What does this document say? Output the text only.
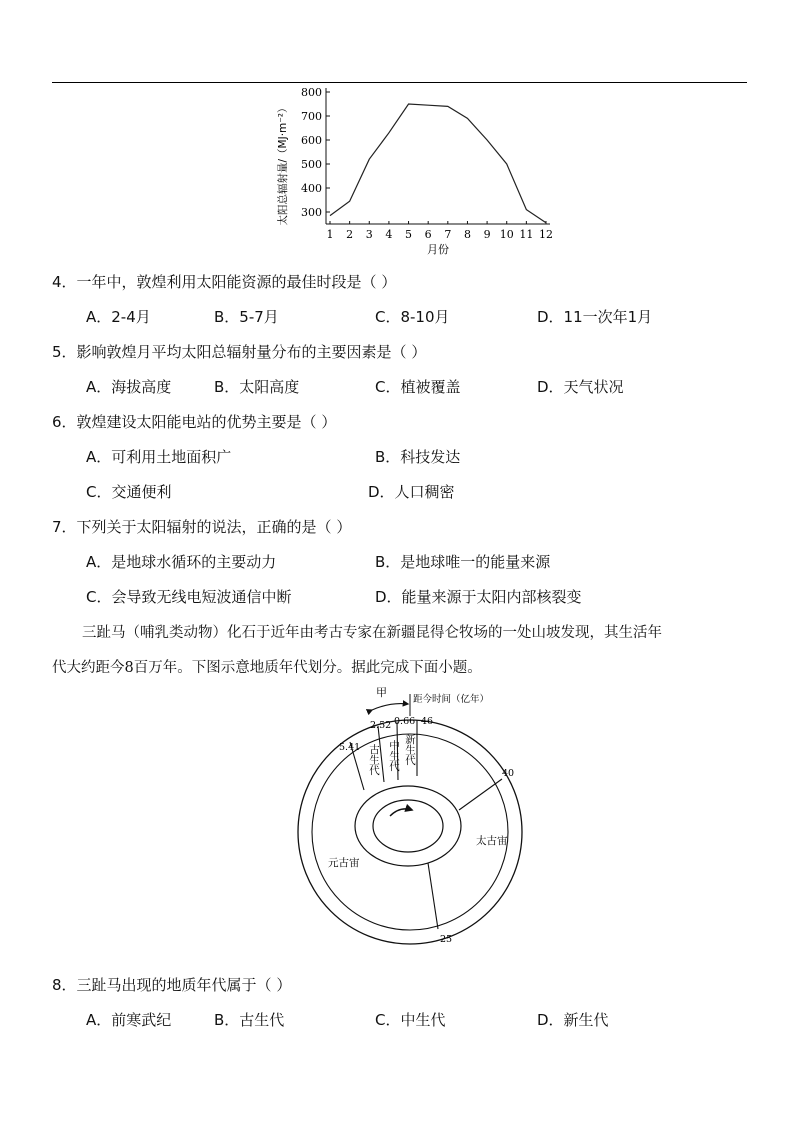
300
400
500
600
700
800
1 2 3 4 5 6 7 8 9 10 11 12
月份
太阳总辐射量/（MJ·m⁻²）
4．一年中，敦煌利用太阳能资源的最佳时段是（ ）
A．2-4月	B．5-7月	C．8-10月	D．11一次年1月
5．影响敦煌月平均太阳总辐射量分布的主要因素是（ ）
A．海拔高度	B．太阳高度	C．植被覆盖	D．天气状况
6．敦煌建设太阳能电站的优势主要是（ ）
A．可利用土地面积广	B．科技发达
C．交通便利	D．人口稠密
7．下列关于太阳辐射的说法，正确的是（ ）
A．是地球水循环的主要动力	B．是地球唯一的能量来源
C．会导致无线电短波通信中断	D．能量来源于太阳内部核裂变
三趾马（哺乳类动物）化石于近年由考古专家在新疆昆得仑牧场的一处山坡发现，其生活年
代大约距今8百万年。下图示意地质年代划分。据此完成下面小题。
甲
距今时间（亿年）
5.41
2.52 0.66 46
40
25
古生代 中生代 新生代
太古宙
元古宙
8．三趾马出现的地质年代属于（ ）
A．前寒武纪	B．古生代	C．中生代	D．新生代
